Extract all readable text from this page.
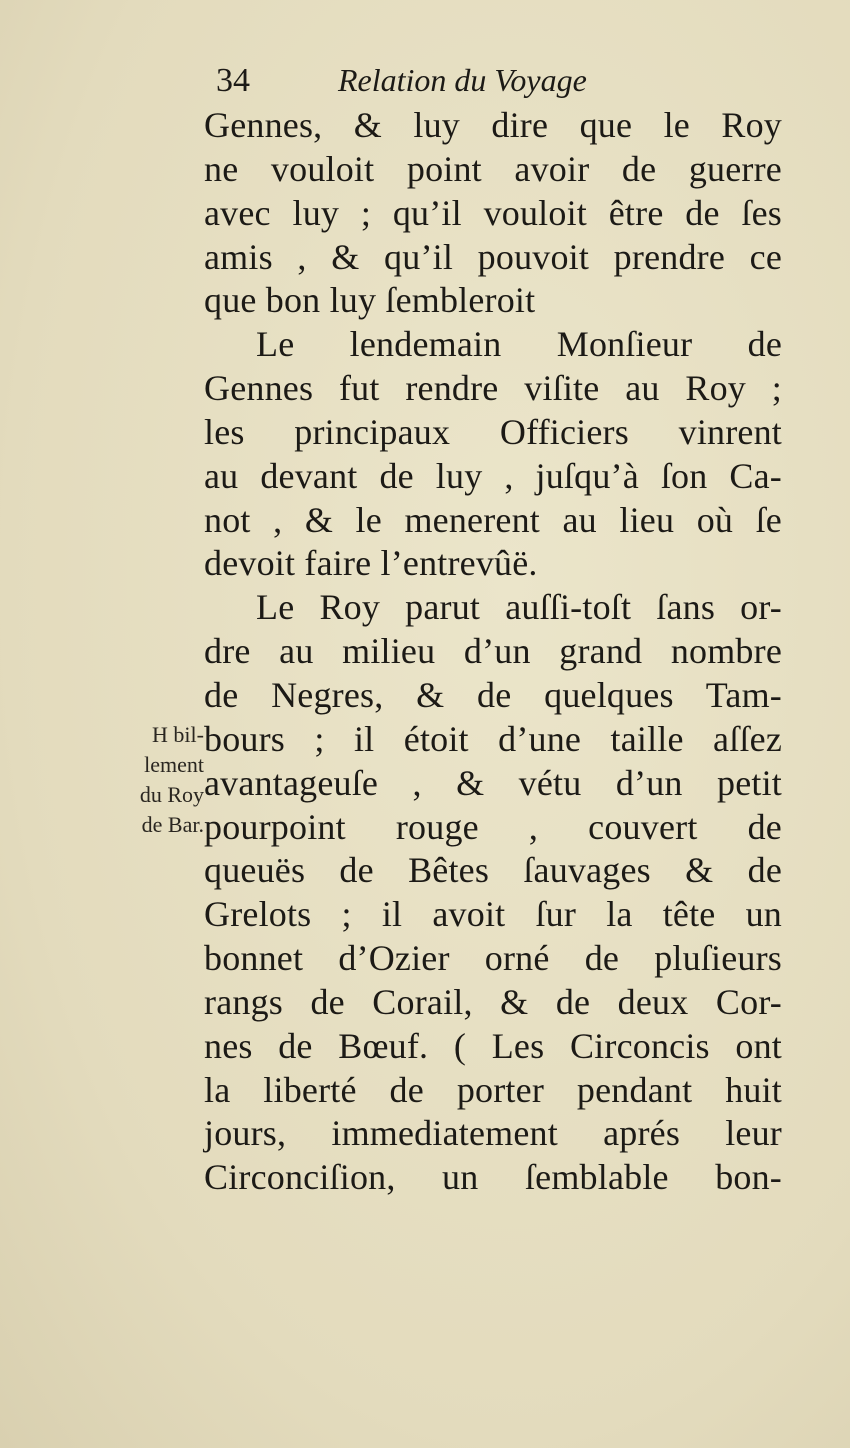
34	Relation du Voyage
H bil-
lement
du Roy
de Bar.
Gennes, & luy dire que le Roy
ne vouloit point avoir de guerre
avec luy ; qu’il vouloit être de ſes
amis , & qu’il pouvoit prendre ce
que bon luy ſembleroit
Le lendemain Monſieur de
Gennes fut rendre viſite au Roy ;
les principaux Officiers vinrent
au devant de luy , juſqu’à ſon Ca-
not , & le menerent au lieu où ſe
devoit faire l’entrevûë.
Le Roy parut auſſi-toſt ſans or-
dre au milieu d’un grand nombre
de Negres, & de quelques Tam-
bours ; il étoit d’une taille aſſez
avantageuſe , & vétu d’un petit
pourpoint rouge , couvert de
queuës de Bêtes ſauvages & de
Grelots ; il avoit ſur la tête un
bonnet d’Ozier orné de pluſieurs
rangs de Corail, & de deux Cor-
nes de Bœuf. ( Les Circoncis ont
la liberté de porter pendant huit
jours, immediatement aprés leur
Circonciſion, un ſemblable bon-
